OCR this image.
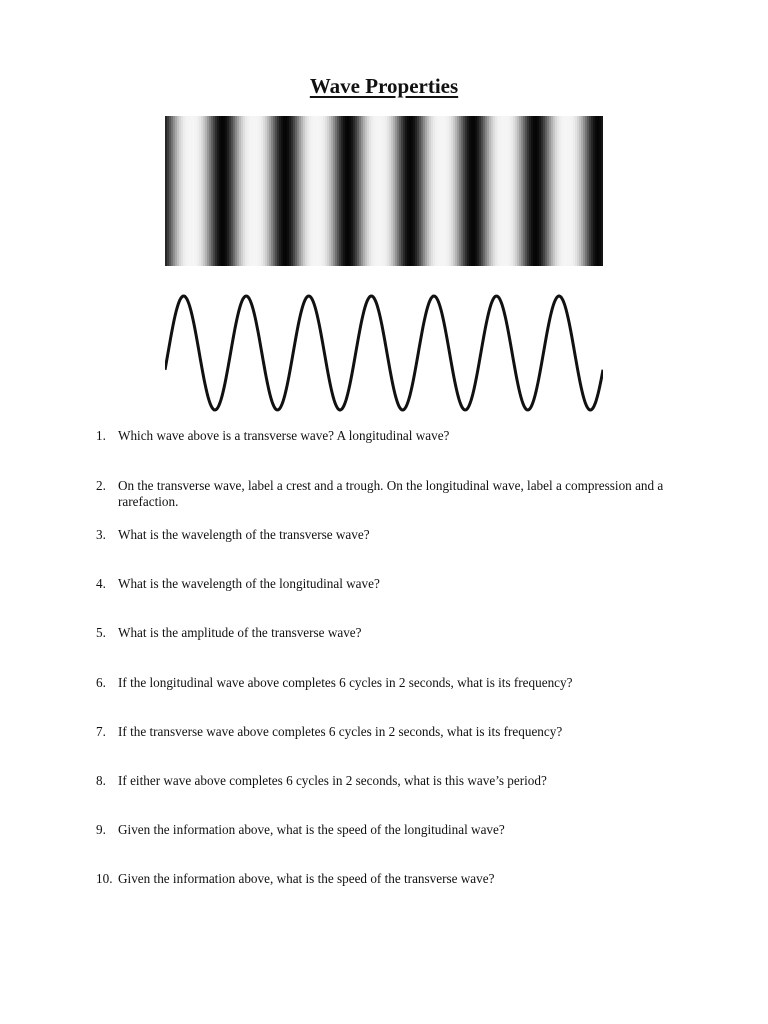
Wave Properties
1. Which wave above is a transverse wave? A longitudinal wave?
2. On the transverse wave, label a crest and a trough. On the longitudinal wave, label a compression and a rarefaction.
3. What is the wavelength of the transverse wave?
4. What is the wavelength of the longitudinal wave?
5. What is the amplitude of the transverse wave?
6. If the longitudinal wave above completes 6 cycles in 2 seconds, what is its frequency?
7. If the transverse wave above completes 6 cycles in 2 seconds, what is its frequency?
8. If either wave above completes 6 cycles in 2 seconds, what is this wave’s period?
9. Given the information above, what is the speed of the longitudinal wave?
10. Given the information above, what is the speed of the transverse wave?
